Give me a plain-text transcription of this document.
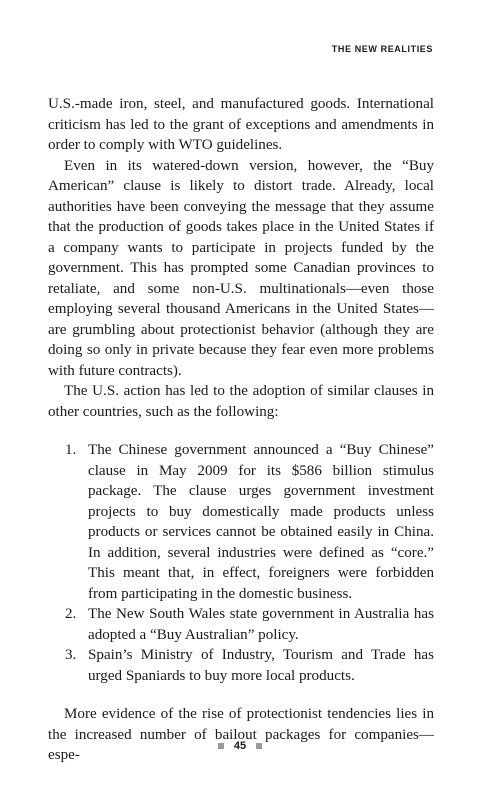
THE NEW REALITIES

U.S.-made iron, steel, and manufactured goods. International criticism has led to the grant of exceptions and amendments in order to comply with WTO guidelines.

Even in its watered-down version, however, the “Buy American” clause is likely to distort trade. Already, local authorities have been conveying the message that they assume that the production of goods takes place in the United States if a company wants to participate in projects funded by the government. This has prompted some Canadian provinces to retaliate, and some non-U.S. multinationals—even those employing several thousand Americans in the United States—are grumbling about protectionist behavior (although they are doing so only in private because they fear even more problems with future contracts).

The U.S. action has led to the adoption of similar clauses in other countries, such as the following:

1. The Chinese government announced a “Buy Chinese” clause in May 2009 for its $586 billion stimulus package. The clause urges government investment projects to buy domestically made products unless products or services cannot be obtained easily in China. In addition, several industries were defined as “core.” This meant that, in effect, foreigners were forbidden from participating in the domestic business.
2. The New South Wales state government in Australia has adopted a “Buy Australian” policy.
3. Spain’s Ministry of Industry, Tourism and Trade has urged Spaniards to buy more local products.

More evidence of the rise of protectionist tendencies lies in the increased number of bailout packages for companies—espe-

45
